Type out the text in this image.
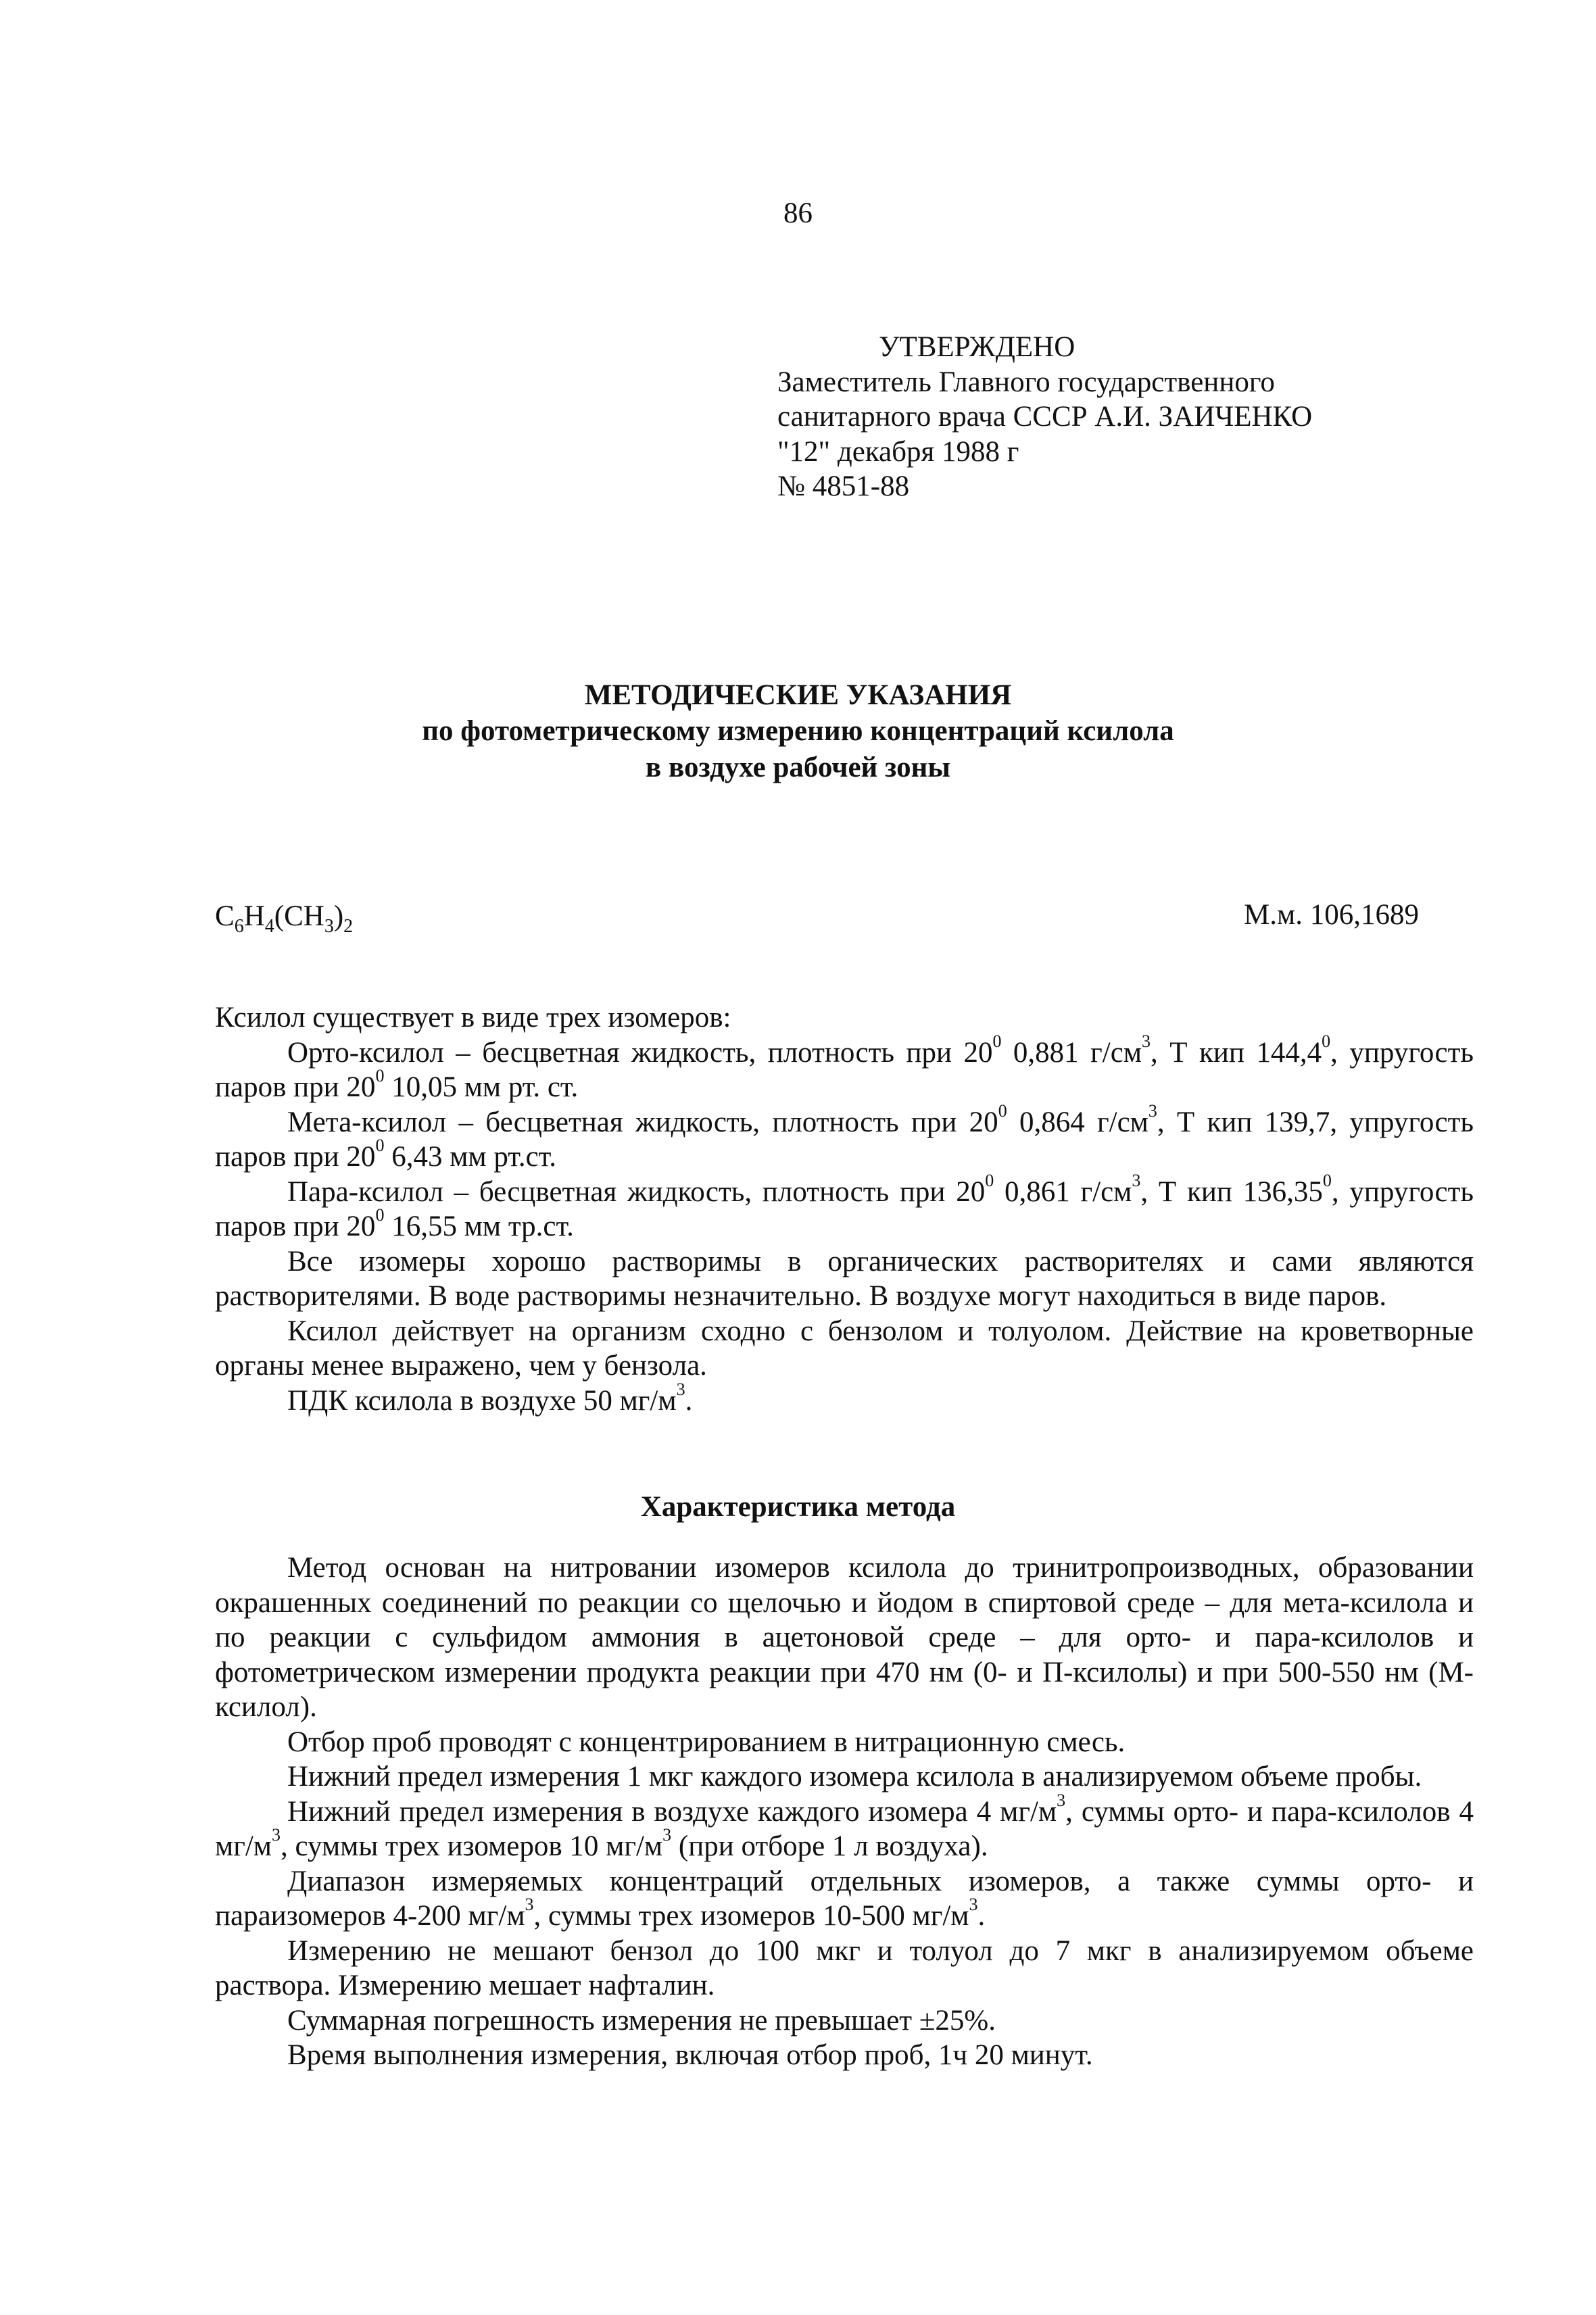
86
УТВЕРЖДЕНО
Заместитель Главного государственного
санитарного врача СССР А.И. ЗАИЧЕНКО
"12" декабря 1988 г
№ 4851-88
МЕТОДИЧЕСКИЕ УКАЗАНИЯ
по фотометрическому измерению концентраций ксилола
в воздухе рабочей зоны
$C_6H_4(CH_3)_2$	М.м. 106,1689
Ксилол существует в виде трех изомеров:
Орто-ксилол – бесцветная жидкость, плотность при $20^0$ 0,881 $г/см^3$, Т кип 144,4$^0$, упругость
паров при $20^0$ 10,05 мм рт. ст.
Мета-ксилол – бесцветная жидкость, плотность при $20^0$ 0,864 $г/см^3$, Т кип 139,7, упругость
паров при $20^0$ 6,43 мм рт.ст.
Пара-ксилол – бесцветная жидкость, плотность при $20^0$ 0,861 $г/см^3$, Т кип 136,35$^0$, упругость
паров при $20^0$ 16,55 мм тр.ст.
Все изомеры хорошо растворимы в органических растворителях и сами являются
растворителями. В воде растворимы незначительно. В воздухе могут находиться в виде паров.
Ксилол действует на организм сходно с бензолом и толуолом. Действие на кроветворные
органы менее выражено, чем у бензола.
ПДК ксилола в воздухе 50 $мг/м^3$.
Характеристика метода
Метод основан на нитровании изомеров ксилола до тринитропроизводных, образовании
окрашенных соединений по реакции со щелочью и йодом в спиртовой среде – для мета-ксилола и
по реакции с сульфидом аммония в ацетоновой среде – для орто- и пара-ксилолов и
фотометрическом измерении продукта реакции при 470 нм (0- и П-ксилолы) и при 500-550 нм (М-
ксилол).
Отбор проб проводят с концентрированием в нитрационную смесь.
Нижний предел измерения 1 мкг каждого изомера ксилола в анализируемом объеме пробы.
Нижний предел измерения в воздухе каждого изомера 4 $мг/м^3$, суммы орто- и пара-ксилолов 4
$мг/м^3$, суммы трех изомеров 10 $мг/м^3$ (при отборе 1 л воздуха).
Диапазон измеряемых концентраций отдельных изомеров, а также суммы орто- и
параизомеров 4-200 $мг/м^3$, суммы трех изомеров 10-500 $мг/м^3$.
Измерению не мешают бензол до 100 мкг и толуол до 7 мкг в анализируемом объеме
раствора. Измерению мешает нафталин.
Суммарная погрешность измерения не превышает ±25%.
Время выполнения измерения, включая отбор проб, 1ч 20 минут.
